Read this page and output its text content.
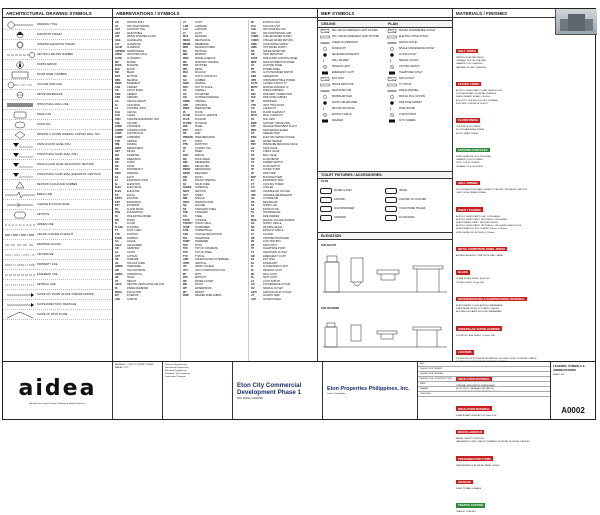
ARCHITECTURAL DRAWING SYMBOLS
DRAWING TITLE
ELEVATION TARGET
INTERIOR ELEVATION TARGET
SECTION LINE AND NUMBER
NORTH ARROW
ROOM NAME / NUMBER
COLUMN GRID LINE
DETAIL REFERENCE
STRUCTURAL WALL LINE
FINISH TAG
DOOR TAG
WINDOW / LOUVER SCREEN / CURTAIN WALL TAG
FINISH FLOOR LEVEL (FFL)
STRUCTURAL SLAB LEVEL (SSL)
FINISH FLOOR LEVEL (ELEVATION / SECTION)
STRUCTURAL SLAB LEVEL (ELEVATION / SECTION)
REVISION CLOUD AND NUMBER
BREAK LINE
CHANGE IN FLOOR LEVEL
KEYNOTE
HIDDEN LINE
CEILING CHANGE IN HEIGHT
DROPPED CEILING
CENTERLINE
PROPERTY LINE
EASEMENT LINE
SETBACK LINE
SLOPE UP / DOWN (SLOPE TOWARD ARROW)
SLOPE DIRECTION / DRAINAGE
SLOPE OF ROOF PLANE
ABBREVIATIONS / SYMBOLS
AB	ANCHOR BOLT
AC	AIR CONDITIONING
ACT	ACOUSTIC TILE
ADJ	ADJUSTABLE
AFF	ABOVE FINISHED FLOOR
AGG	AGGREGATE
ALT	ALTERNATE
ALUM	ALUMINUM
APPROX APPROXIMATE
ARCH	ARCHITECTURAL
AUTO	AUTOMATIC
BD	BOARD
BLDG	BUILDING
BLK	BLOCK
BM	BEAM
BOT	BOTTOM
BRG	BEARING
BSMT	BASEMENT
CAB	CABINET
CB	CATCH BASIN
CEM	CEMENT
CER	CERAMIC
CH	CEILING HEIGHT
CI	CAST IRON
CJ	CONTROL JOINT
CLG	CEILING
CLR	CLEAR
CMU	CONCRETE MASONRY UNIT
COL	COLUMN
CONC	CONCRETE
CONST	CONSTRUCTION
CONT	CONTINUOUS
CORR	CORRIDOR
CTR	CENTER
DBL	DOUBLE
DEPT	DEPARTMENT
DET	DETAIL
DIA	DIAMETER
DIM	DIMENSION
DN	DOWN
DR	DOOR
DS	DOWNSPOUT
DWG	DRAWING
EA	EACH
EJ	EXPANSION JOINT
EL	ELEVATION
ELEC	ELECTRICAL
ELEV	ELEVATOR
EQ	EQUAL
EXIST	EXISTING
EXP	EXPANSION
EXT	EXTERIOR
FD	FLOOR DRAIN
FDN	FOUNDATION
FE	FIRE EXTINGUISHER
FIN	FINISH
FL	FLOOR
FLASH	FLASHING
FT	FOOT / FEET
FTG	FOOTING
FURR	FURRING
GA	GAUGE
GALV	GALVANIZED
GB	GRAB BAR
GL	GLASS
GYP	GYPSUM
HB	HOSE BIB
HC	HOLLOW CORE
HDWR	HARDWARE
HM	HOLLOW METAL
HORIZ	HORIZONTAL
HR	HOUR
HT	HEIGHT
HVAC	HEATING VENTILATING AIR CON
ID	INSIDE DIAMETER
INSUL	INSULATION
INT	INTERIOR
JAN	JANITOR
JT	JOINT
LAM	LAMINATE
LAV	LAVATORY
LT	LIGHT
MAX	MAXIMUM
MECH	MECHANICAL
MEMB	MEMBRANE
MFR	MANUFACTURER
MH	MANHOLE
MIN	MINIMUM
MISC	MISCELLANEOUS
MO	MASONRY OPENING
MTD	MOUNTED
MTL	METAL
MUL	MULLION
NIC	NOT IN CONTRACT
NO	NUMBER
NOM	NOMINAL
NTS	NOT TO SCALE
OA	OVERALL
OC	ON CENTER
OD	OUTSIDE DIAMETER
OPNG	OPENING
OPP	OPPOSITE
PERF	PERFORATED
PL	PLATE
PLAM	PLASTIC LAMINATE
PLAS	PLASTER
PLYWD	PLYWOOD
PNL	PANEL
PNT	PAINT
PR	PAIR
PREFAB PREFABRICATED
PT	POINT
PTN	PARTITION
QT	QUARRY TILE
R	RISER
RAD	RADIUS
RD	ROOF DRAIN
REF	REFERENCE
REFL	REFLECTED
REINF	REINFORCED
REQD	REQUIRED
RM	ROOM
RO	ROUGH OPENING
SC	SOLID CORE
SCHED	SCHEDULE
SECT	SECTION
SHT	SHEET
SIM	SIMILAR
SPEC	SPECIFICATION
SQ	SQUARE
SS	STAINLESS STEEL
STD	STANDARD
STL	STEEL
STOR	STORAGE
STRUCT STRUCTURAL
SUSP	SUSPENDED
SYM	SYMMETRICAL
T&G	TONGUE AND GROOVE
TEL	TELEPHONE
TEMP	TEMPERED
THK	THICK
TOC	TOP OF CONCRETE
TOS	TOP OF STEEL
TYP	TYPICAL
UNO	UNLESS NOTED OTHERWISE
VERT	VERTICAL
VIF	VERIFY IN FIELD
VCT	VINYL COMPOSITION TILE
W/	WITH
W/O	WITHOUT
WC	WATER CLOSET
WD	WOOD
WP	WATERPROOF
WT	WEIGHT
WWF	WELDED WIRE FABRIC
EF	EXHAUST FAN
FCU	FAN COIL UNIT
AHU	AIR HANDLING UNIT
ACU	AIR CONDITIONING UNIT
CHWS	CHILLED WATER SUPPLY
CHWR	CHILLED WATER RETURN
CWS	COLD WATER SUPPLY
HWS	HOT WATER SUPPLY
SD	SMOKE DETECTOR
HD	HEAT DETECTOR
FACP	FIRE ALARM CONTROL PANEL
MDP	MAIN DISTRIBUTION PANEL
LP	LIGHTING PANEL
PP	POWER PANEL
ATS	AUTO TRANSFER SWITCH
GEN	GENERATOR
UPS	UNINTERRUPTIBLE POWER
CCTV	CLOSED CIRCUIT TV
MATV	MASTER ANTENNA TV
PA	PUBLIC ADDRESS
FDC	FIRE DEPT CONNECTION
FHC	FIRE HOSE CABINET
SP	SPRINKLER
VTR	VENT THRU ROOF
CO	CLEANOUT
FCO	FLOOR CLEANOUT
WCO	WALL CLEANOUT
SV	SOIL VENT
SWP	SANITARY WASTE PIPE
STP	SEWAGE TREATMENT PLANT
RWL	RAIN WATER LEADER
GT	GREASE TRAP
EWC	ELECTRIC WATER COOLER
WH	WATER HEATER
PRV	PRESSURE REDUCING VALVE
GV	GATE VALVE
CV	CHECK VALVE
BV	BALL VALVE
FM	FLOW METER
TS	TAMPER SWITCH
FS	FLOW SWITCH
JP	JOCKEY PUMP
FP	FIRE PUMP
BFP	BOOSTER PUMP
ET	EXPANSION TANK
CT	COOLING TOWER
CH	CHILLER
VAV	VARIABLE AIR VOLUME
VRF	VARIABLE REFRIGERANT
OA	OUTSIDE AIR
RA	RETURN AIR
SA	SUPPLY AIR
EA	EXHAUST AIR
TA	TRANSFER AIR
FD	FIRE DAMPER
MVD	MANUAL VOLUME DAMPER
SG	SUPPLY GRILLE
RG	RETURN GRILLE
EG	EXHAUST GRILLE
LV	LOUVER
DB	DISTRIBUTION BOARD
JB	JUNCTION BOX
DP	DATA POINT
TP	TELEPHONE POINT
TV	TELEVISION OUTLET
EM	EMERGENCY LIGHT
EX	EXIT SIGN
DL	DOWNLIGHT
FL	FLUORESCENT LIGHT
PL	PENDANT LIGHT
WL	WALL LIGHT
SL	SPOT LIGHT
LS	LIGHT SWITCH
CO	CONVENIENCE OUTLET
SO	SPECIAL OUTLET
GFCI	GROUND FAULT OUTLET
AT	ACCESS TRAP
ACP	ACCESS PANEL
MEP SYMBOLS
CEILING	PLAN
600 x 600 FLUORESCENT LIGHT FIXTURE
300 x 1200 FLUORESCENT LIGHT FIXTURE
LINEAR FLUORESCENT
DOWNLIGHT
RECESSED DOWNLIGHT
WALL WASHER
PENDANT LIGHT
EMERGENCY LIGHT
EXIT LIGHT
SMOKE DETECTOR
HEAT DETECTOR
SPRINKLER HEAD
SUPPLY AIR DIFFUSER
RETURN AIR GRILLE
EXHAUST GRILLE
SPEAKER
DUPLEX CONVENIENCE OUTLET
ELECTRIC STOVE OUTLET
AIRCON OUTLET
SINGLE CONVENIENCE OUTLET
FLOOR OUTLET
SPECIAL OUTLET
LIGHTING SWITCH
TELEPHONE OUTLET
DATA OUTLET
TV OUTLET
FIRE ALARM BELL
MANUAL PULL STATION
FIRE HOSE CABINET
PANEL BOARD
JUNCTION BOX
CCTV CAMERA
TOILET FIXTURES / ACCESSORIES:
PLAN
WATER CLOSET	URINAL
LAVATORY	LAVATORY W/ COUNTER
SOAP DISPENSER	TOILET PAPER HOLDER
GRAB BAR	FLOOR DRAIN
ELEVATION
FOR ADULTS
FOR CHILDREN
MATERIALS / FINISHES
WALL FINISH
PAINTED PLASTER FINISH
CERAMIC TILE ON CHB WALL
GRANITE TILE CLADDING
NATURAL STONE CLADDING
CEILING FINISH
ACRYLIC LATEX PAINT, PLAIN, SEMI-GLOSS
GYPSUM BOARD ON METAL FURRING
FIBER CEMENT BOARD CEILING
ACOUSTIC CEILING TILE ON T-RUNNER
EXPOSED CONCRETE SOFFIT
FLOOR FINISH
CONCRETE FLOORING
FLOOR HARDENER FINISH
EPOXY PAINT FINISH
EXPOSED SURFACES
HOMOGENEOUS TILE, POLISHED
GRANITE TILE FLOORING
VINYL TILE FLOORING
CERAMIC TILE, NON-SKID
WALL PRIMER
SOLID FINISH PORTLAND CEMENT PLASTER, TROWELED SMOOTH
ONE TOUGH PRIMER FINISH
PAINT / STAINED
ACRYLIC LATEX PAINT, FLAT, LOW-SHEEN
ACRYLIC LATEX PAINT, TEXTURED, LOW-SHEEN
ELASTOMERIC PAINT, TEXTURE FINISH
ACRYLIC LATEX PAINT, TEXTURED, LOW-SHEEN SEMI-GLOSS
HOMOGENEOUS TILE, GLAZED, 600mm x 600mm
HOMOGENEOUS, EXCESS @ 180mm
METAL COMPOSITE PANEL FINISH
ALUMINUM-FACED COMPOSITE WALL PANEL
GLASS
CLEAR FLOAT GLASS, 6mm THK
TINTED GLASS, 10mm THK
WATERPROOFING & DAMPPROOFING MATERIAL
ELASTOMERIC LIQUID APPLIED MEMBRANE
FIBER REINFORCED POLYMER COATING
BITUMINOUS DAMPPROOFING MEMBRANE
UNDERSLAB VAPOR BARRIER
POLYETHYLENE SHEET, 0.15mm THK
LOUVERS
STORM-PROOF EXTRUDED ALUMINUM LOUVERS, FIXED, POWDER COATED
ALUMINUM LOUVERS FIXED, POWDER COATED
INSULATION MATERIAL
THERMAL INSULATION, FIBERGLASS
ROOF DECK THERMAL INSULATION
ACOUSTIC INSULATION, MINERAL WOOL
INSULATION MATERIAL
FOAM BOARD INSULATION, 50mm THK
MISCELLANEOUS
METAL CANOPY SUPPORT
GALVANIZED STEEL CANOPY FRAMING W/ METAL ROOFING, PAINTED
PREFABRICATED ITEMS
PREFINISHED FLAT METAL PANEL FINISH
SIGNAGE
DIRECTIONAL SIGNAGE
TRAFFIC COATING
TRAFFIC COATING
aidea
Architecture, Interior Design, Planning & Related Services
AIDEA INC. • 33F CITYSTATE TOWER • MAKATI CITY
Structural Engineering
Mechanical Engineering
Electrical Engineering
Plumbing / Fire Protection
Landscape / Signage
Eton City Commercial Development Phase 1
STA. ROSA, LAGUNA
Eton Properties Philippines, Inc.
Owner / Developer
REV
ISSUED FOR PERMIT
ISSUED FOR TENDER
ISSUED FOR CONSTRUCTION
DATE
DRAWN
CHECKED
LEGENDS, SYMBOLS & ABBREVIATIONS
SHEET NO.
A0002
